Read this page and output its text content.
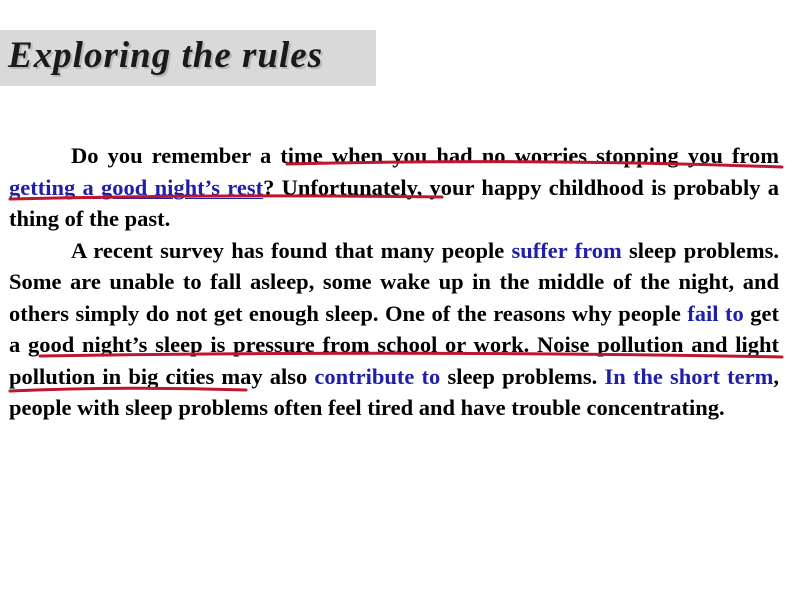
Exploring the rules

Do you remember a time when you had no worries stopping you from getting a good night’s rest? Unfortunately, your happy childhood is probably a thing of the past.

A recent survey has found that many people suffer from sleep problems. Some are unable to fall asleep, some wake up in the middle of the night, and others simply do not get enough sleep. One of the reasons why people fail to get a good night’s sleep is pressure from school or work. Noise pollution and light pollution in big cities may also contribute to sleep problems. In the short term, people with sleep problems often feel tired and have trouble concentrating.
